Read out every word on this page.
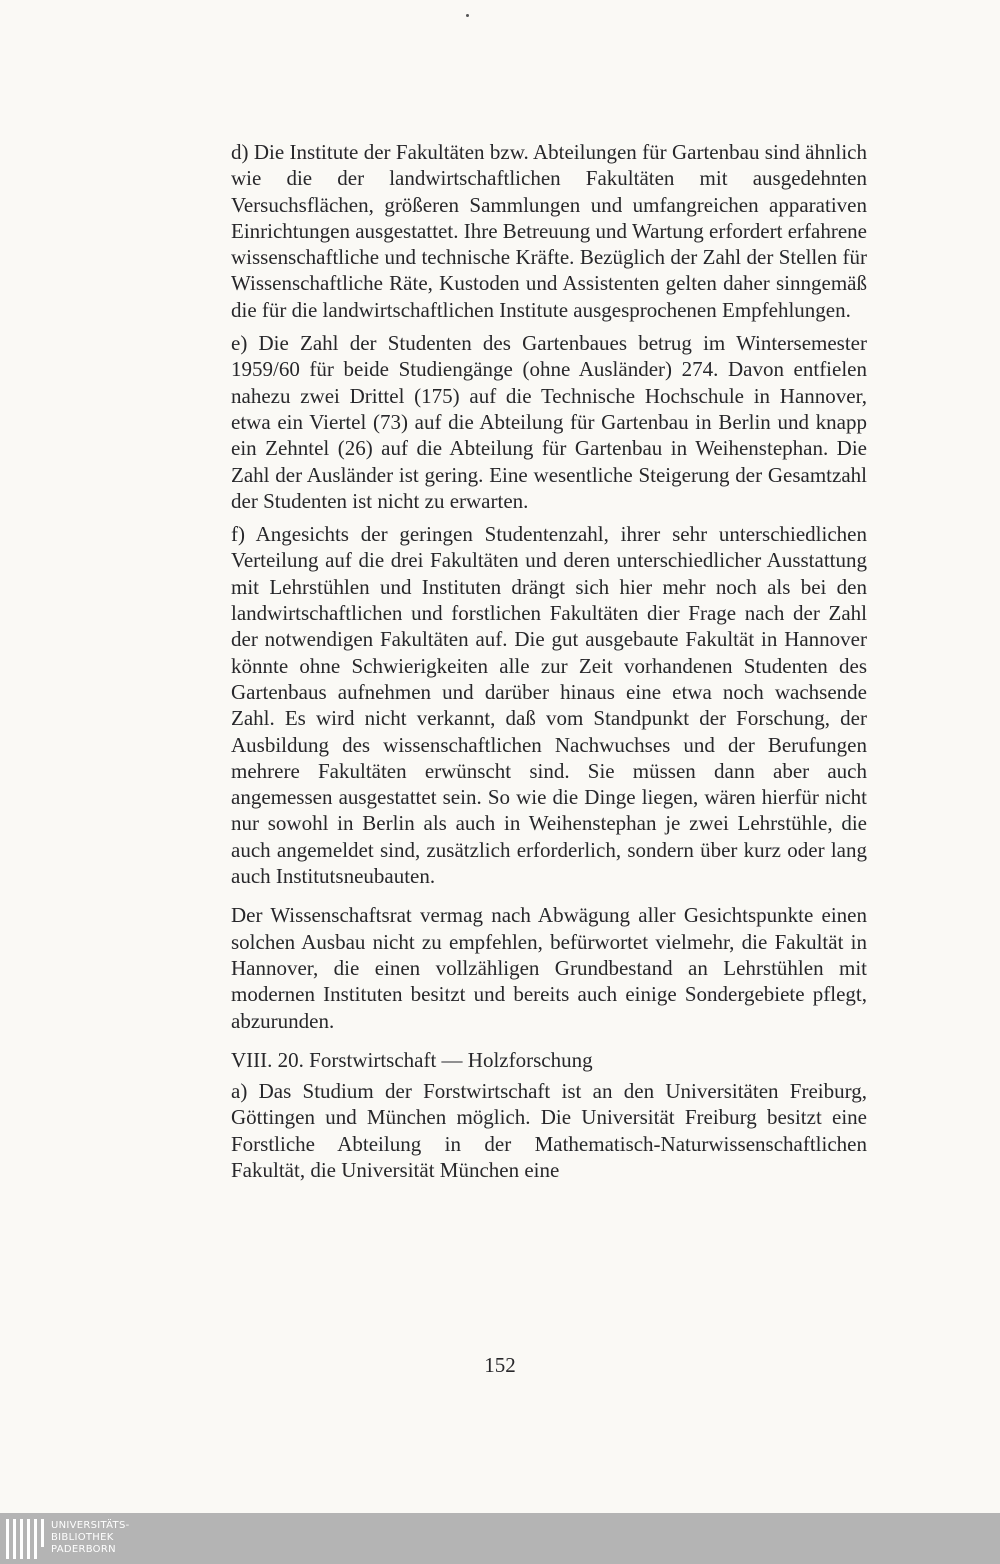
d) Die Institute der Fakultäten bzw. Abteilungen für Gartenbau sind ähnlich wie die der landwirtschaftlichen Fakultäten mit ausgedehnten Versuchsflächen, größeren Sammlungen und umfangreichen apparativen Einrichtungen ausgestattet. Ihre Betreuung und Wartung erfordert erfahrene wissenschaftliche und technische Kräfte. Bezüglich der Zahl der Stellen für Wissenschaftliche Räte, Kustoden und Assistenten gelten daher sinngemäß die für die landwirtschaftlichen Institute ausgesprochenen Empfehlungen.

e) Die Zahl der Studenten des Gartenbaues betrug im Wintersemester 1959/60 für beide Studiengänge (ohne Ausländer) 274. Davon entfielen nahezu zwei Drittel (175) auf die Technische Hochschule in Hannover, etwa ein Viertel (73) auf die Abteilung für Gartenbau in Berlin und knapp ein Zehntel (26) auf die Abteilung für Gartenbau in Weihenstephan. Die Zahl der Ausländer ist gering. Eine wesentliche Steigerung der Gesamtzahl der Studenten ist nicht zu erwarten.

f) Angesichts der geringen Studentenzahl, ihrer sehr unterschiedlichen Verteilung auf die drei Fakultäten und deren unterschiedlicher Ausstattung mit Lehrstühlen und Instituten drängt sich hier mehr noch als bei den landwirtschaftlichen und forstlichen Fakultäten dier Frage nach der Zahl der notwendigen Fakultäten auf. Die gut ausgebaute Fakultät in Hannover könnte ohne Schwierigkeiten alle zur Zeit vorhandenen Studenten des Gartenbaus aufnehmen und darüber hinaus eine etwa noch wachsende Zahl. Es wird nicht verkannt, daß vom Standpunkt der Forschung, der Ausbildung des wissenschaftlichen Nachwuchses und der Berufungen mehrere Fakultäten erwünscht sind. Sie müssen dann aber auch angemessen ausgestattet sein. So wie die Dinge liegen, wären hierfür nicht nur sowohl in Berlin als auch in Weihenstephan je zwei Lehrstühle, die auch angemeldet sind, zusätzlich erforderlich, sondern über kurz oder lang auch Institutsneubauten.

Der Wissenschaftsrat vermag nach Abwägung aller Gesichtspunkte einen solchen Ausbau nicht zu empfehlen, befürwortet vielmehr, die Fakultät in Hannover, die einen vollzähligen Grundbestand an Lehrstühlen mit modernen Instituten besitzt und bereits auch einige Sondergebiete pflegt, abzurunden.

VIII. 20. Forstwirtschaft — Holzforschung

a) Das Studium der Forstwirtschaft ist an den Universitäten Freiburg, Göttingen und München möglich. Die Universität Freiburg besitzt eine Forstliche Abteilung in der Mathematisch-Naturwissenschaftlichen Fakultät, die Universität München eine

152
UNIVERSITÄTS-
BIBLIOTHEK
PADERBORN
